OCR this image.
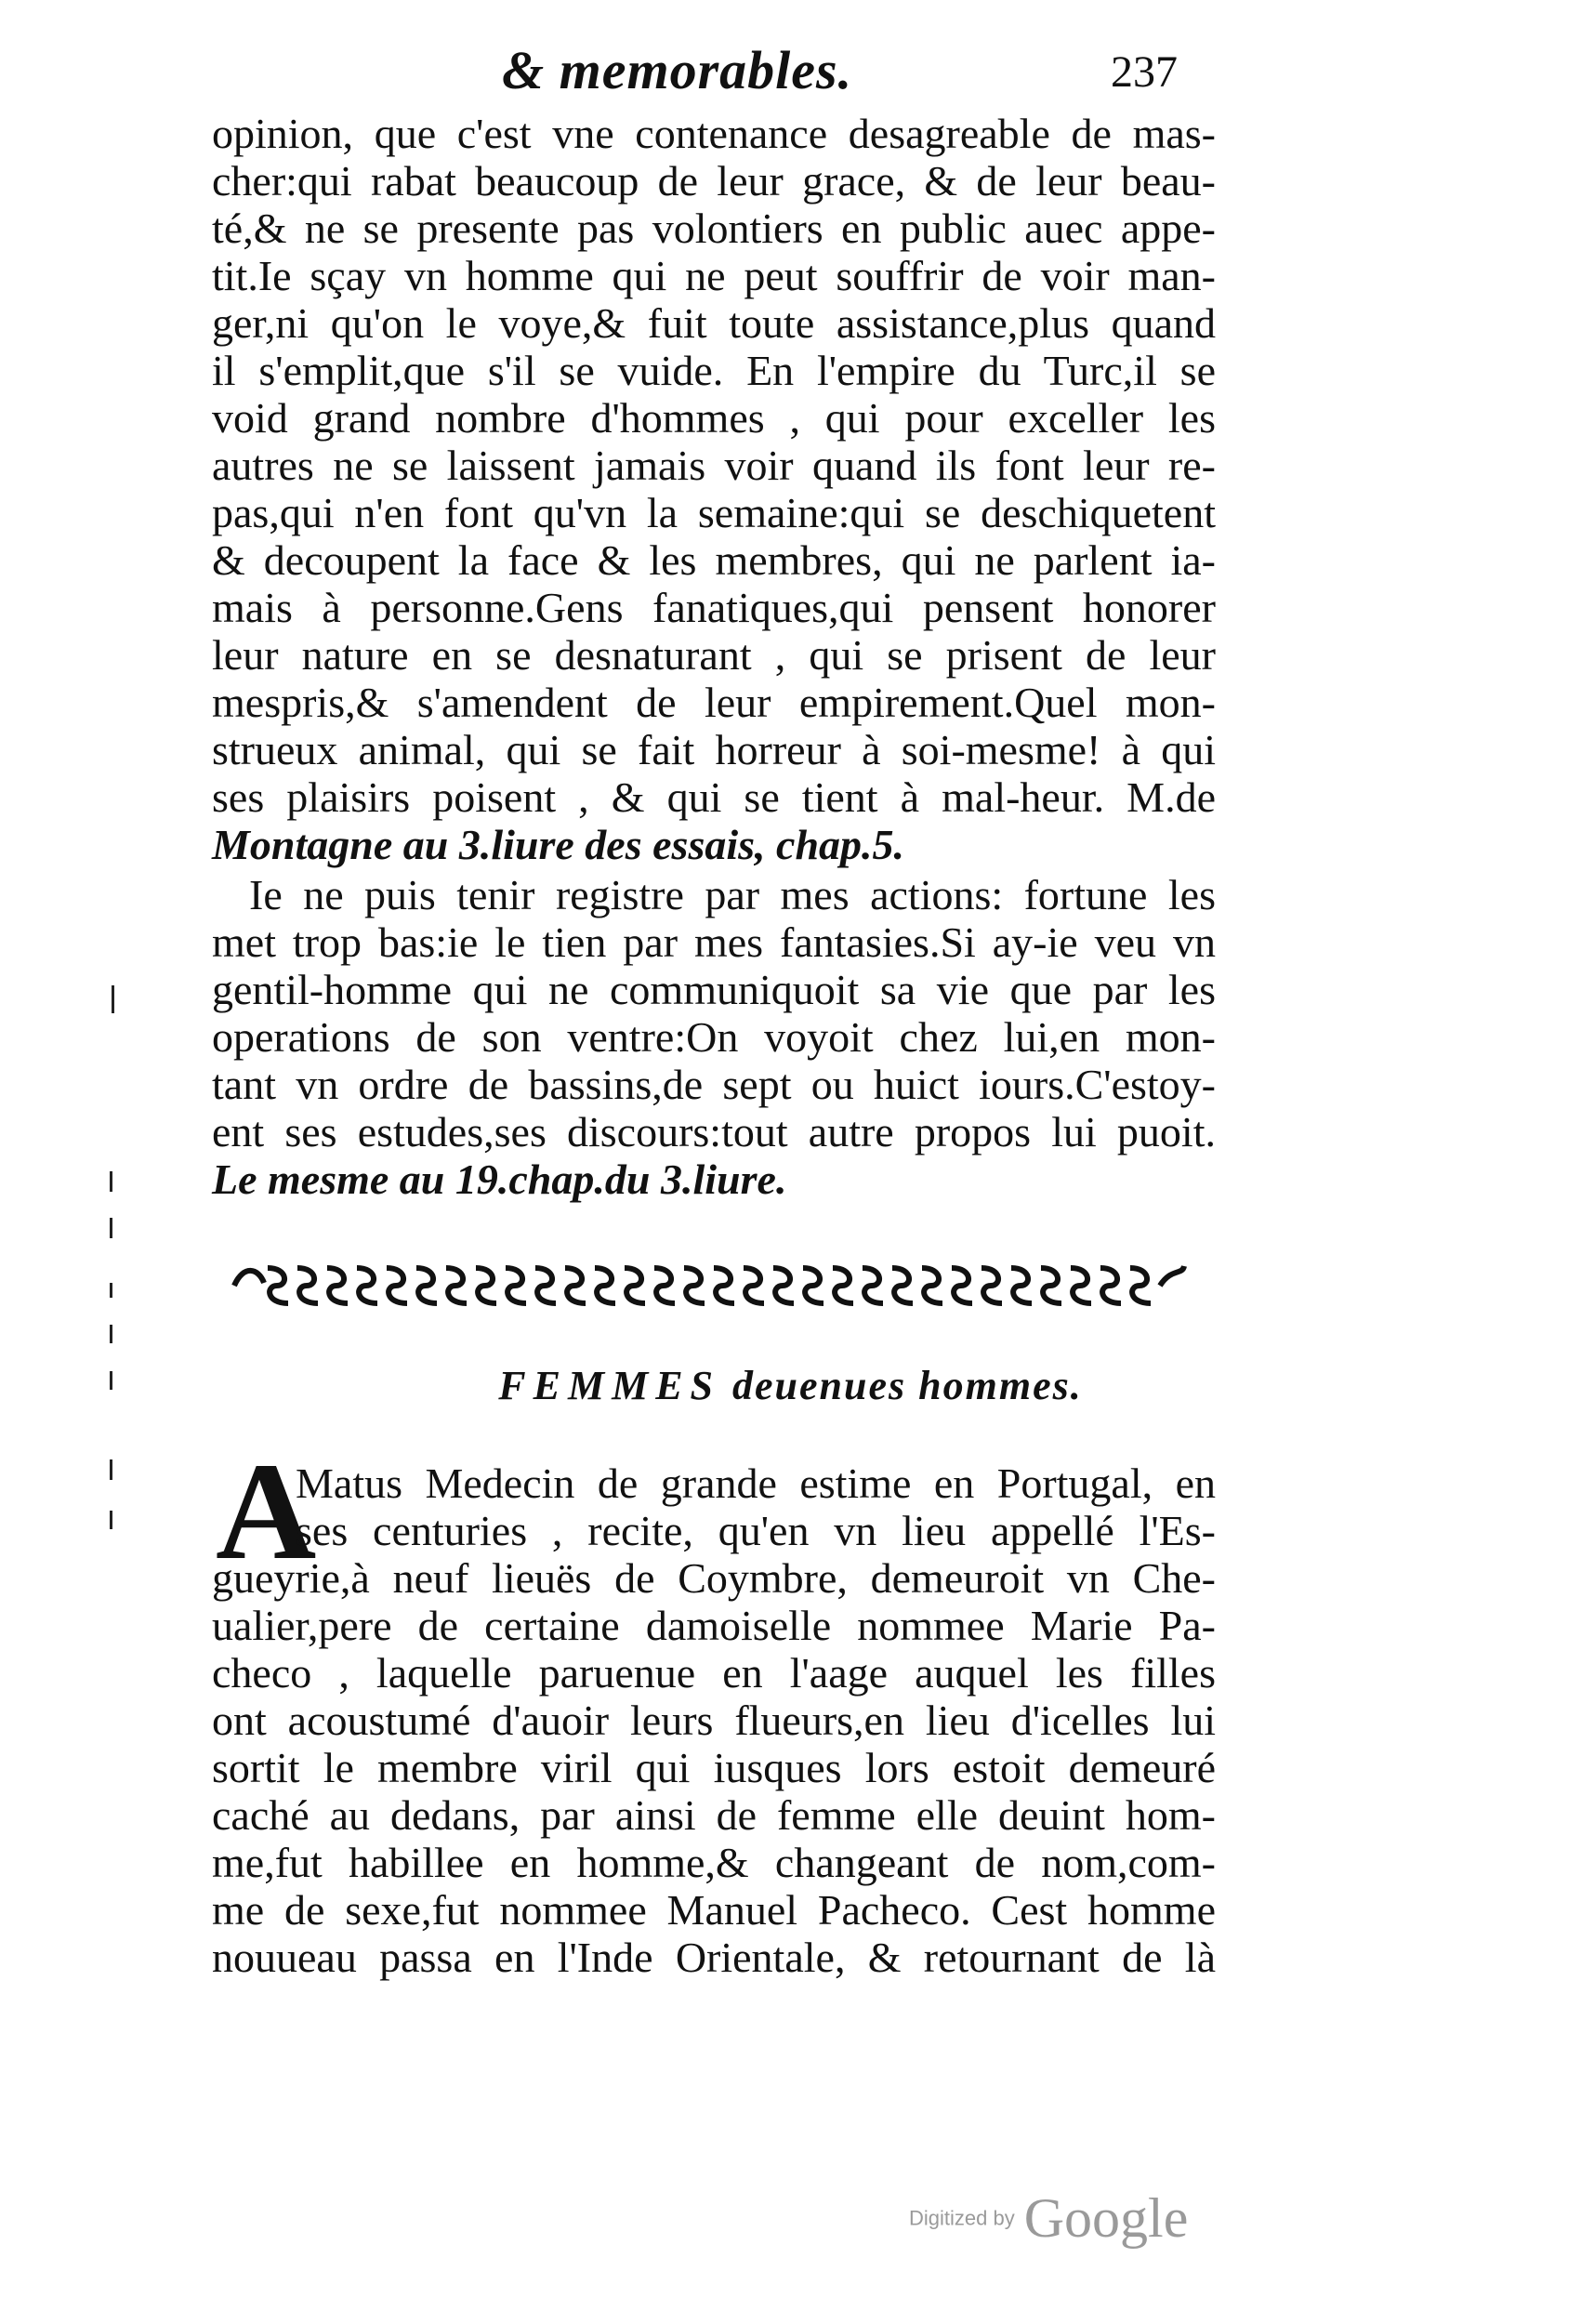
& memorables.	237
opinion, que c'est vne contenance desagreable de mas-
cher:qui rabat beaucoup de leur grace, & de leur beau-
té,& ne se presente pas volontiers en public auec appe-
tit.Ie sçay vn homme qui ne peut souffrir de voir man-
ger,ni qu'on le voye,& fuit toute assistance,plus quand
il s'emplit,que s'il se vuide. En l'empire du Turc,il se
void grand nombre d'hommes , qui pour exceller les
autres ne se laissent jamais voir quand ils font leur re-
pas,qui n'en font qu'vn la semaine:qui se deschiquetent
& decoupent la face & les membres, qui ne parlent ia-
mais à personne.Gens fanatiques,qui pensent honorer
leur nature en se desnaturant , qui se prisent de leur
mespris,& s'amendent de leur empirement.Quel mon-
strueux animal, qui se fait horreur à soi-mesme! à qui
ses plaisirs poisent , & qui se tient à mal-heur. M.de
Montagne au 3.liure des essais, chap.5.
Ie ne puis tenir registre par mes actions: fortune les
met trop bas:ie le tien par mes fantasies.Si ay-ie veu vn
gentil-homme qui ne communiquoit sa vie que par les
operations de son ventre:On voyoit chez lui,en mon-
tant vn ordre de bassins,de sept ou huict iours.C'estoy-
ent ses estudes,ses discours:tout autre propos lui puoit.
Le mesme au 19.chap.du 3.liure.
FEMMES deuenues hommes.
A
Matus Medecin de grande estime en Portugal, en
ses centuries , recite, qu'en vn lieu appellé l'Es-
gueyrie,à neuf lieuës de Coymbre, demeuroit vn Che-
ualier,pere de certaine damoiselle nommee Marie Pa-
checo , laquelle paruenue en l'aage auquel les filles
ont acoustumé d'auoir leurs flueurs,en lieu d'icelles lui
sortit le membre viril qui iusques lors estoit demeuré
caché au dedans, par ainsi de femme elle deuint hom-
me,fut habillee en homme,& changeant de nom,com-
me de sexe,fut nommee Manuel Pacheco. Cest homme
nouueau passa en l'Inde Orientale, & retournant de là
Digitized by Google
